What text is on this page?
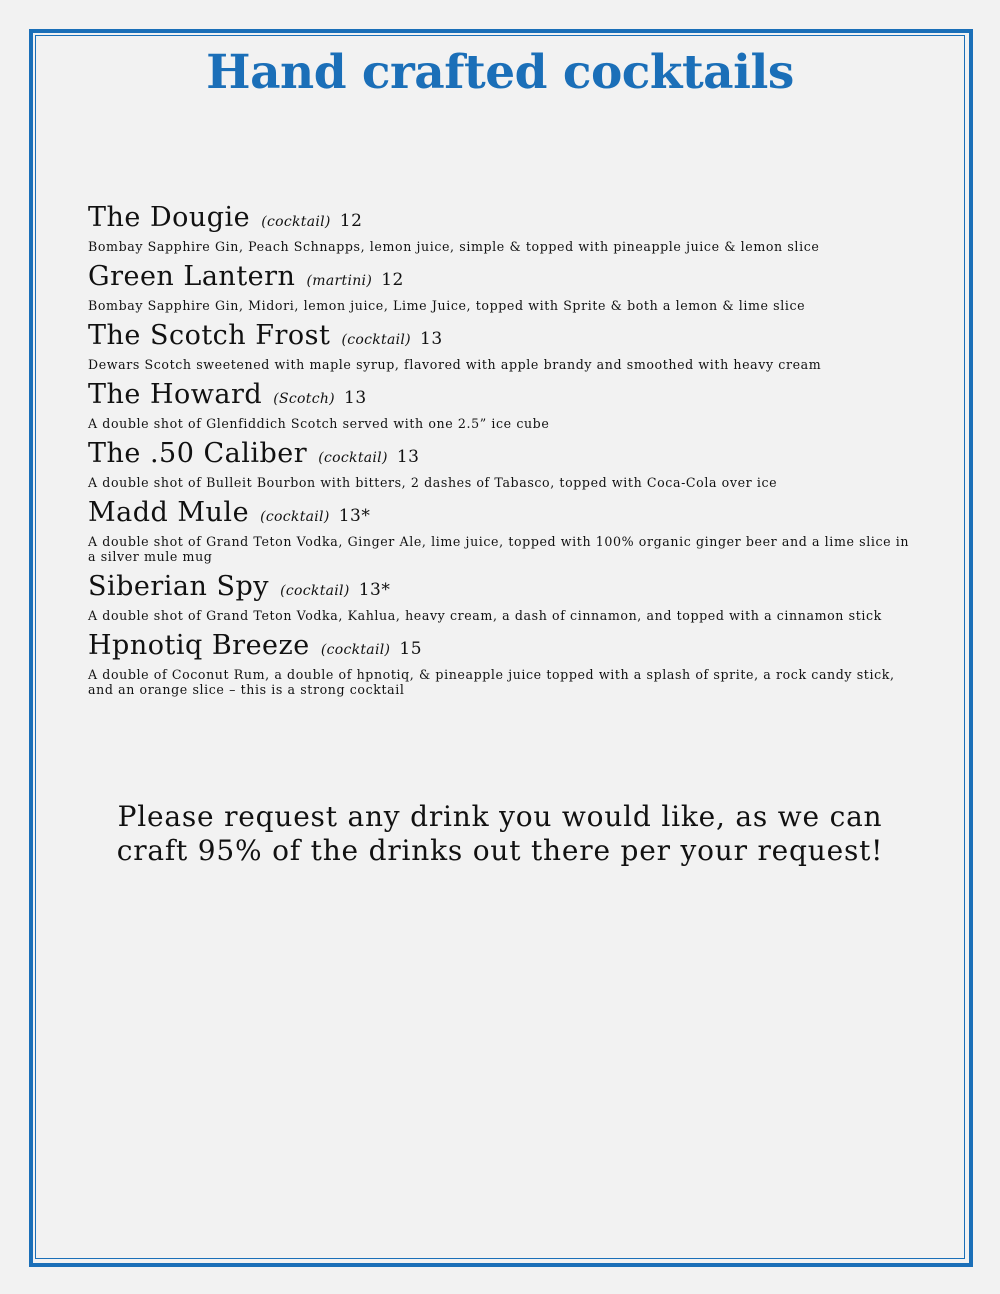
Hand crafted cocktails
The Dougie (cocktail) 12
Bombay Sapphire Gin, Peach Schnapps, lemon juice, simple & topped with pineapple juice & lemon slice
Green Lantern (martini) 12
Bombay Sapphire Gin, Midori, lemon juice, Lime Juice, topped with Sprite & both a lemon & lime slice
The Scotch Frost (cocktail) 13
Dewars Scotch sweetened with maple syrup, flavored with apple brandy and smoothed with heavy cream
The Howard (Scotch) 13
A double shot of Glenfiddich Scotch served with one 2.5” ice cube
The .50 Caliber (cocktail) 13
A double shot of Bulleit Bourbon with bitters, 2 dashes of Tabasco, topped with Coca-Cola over ice
Madd Mule (cocktail) 13*
A double shot of Grand Teton Vodka, Ginger Ale, lime juice, topped with 100% organic ginger beer and a lime slice in a silver mule mug
Siberian Spy (cocktail) 13*
A double shot of Grand Teton Vodka, Kahlua, heavy cream, a dash of cinnamon, and topped with a cinnamon stick
Hpnotiq Breeze (cocktail) 15
A double of Coconut Rum, a double of hpnotiq, & pineapple juice topped with a splash of sprite, a rock candy stick, and an orange slice – this is a strong cocktail
Please request any drink you would like, as we can craft 95% of the drinks out there per your request!
